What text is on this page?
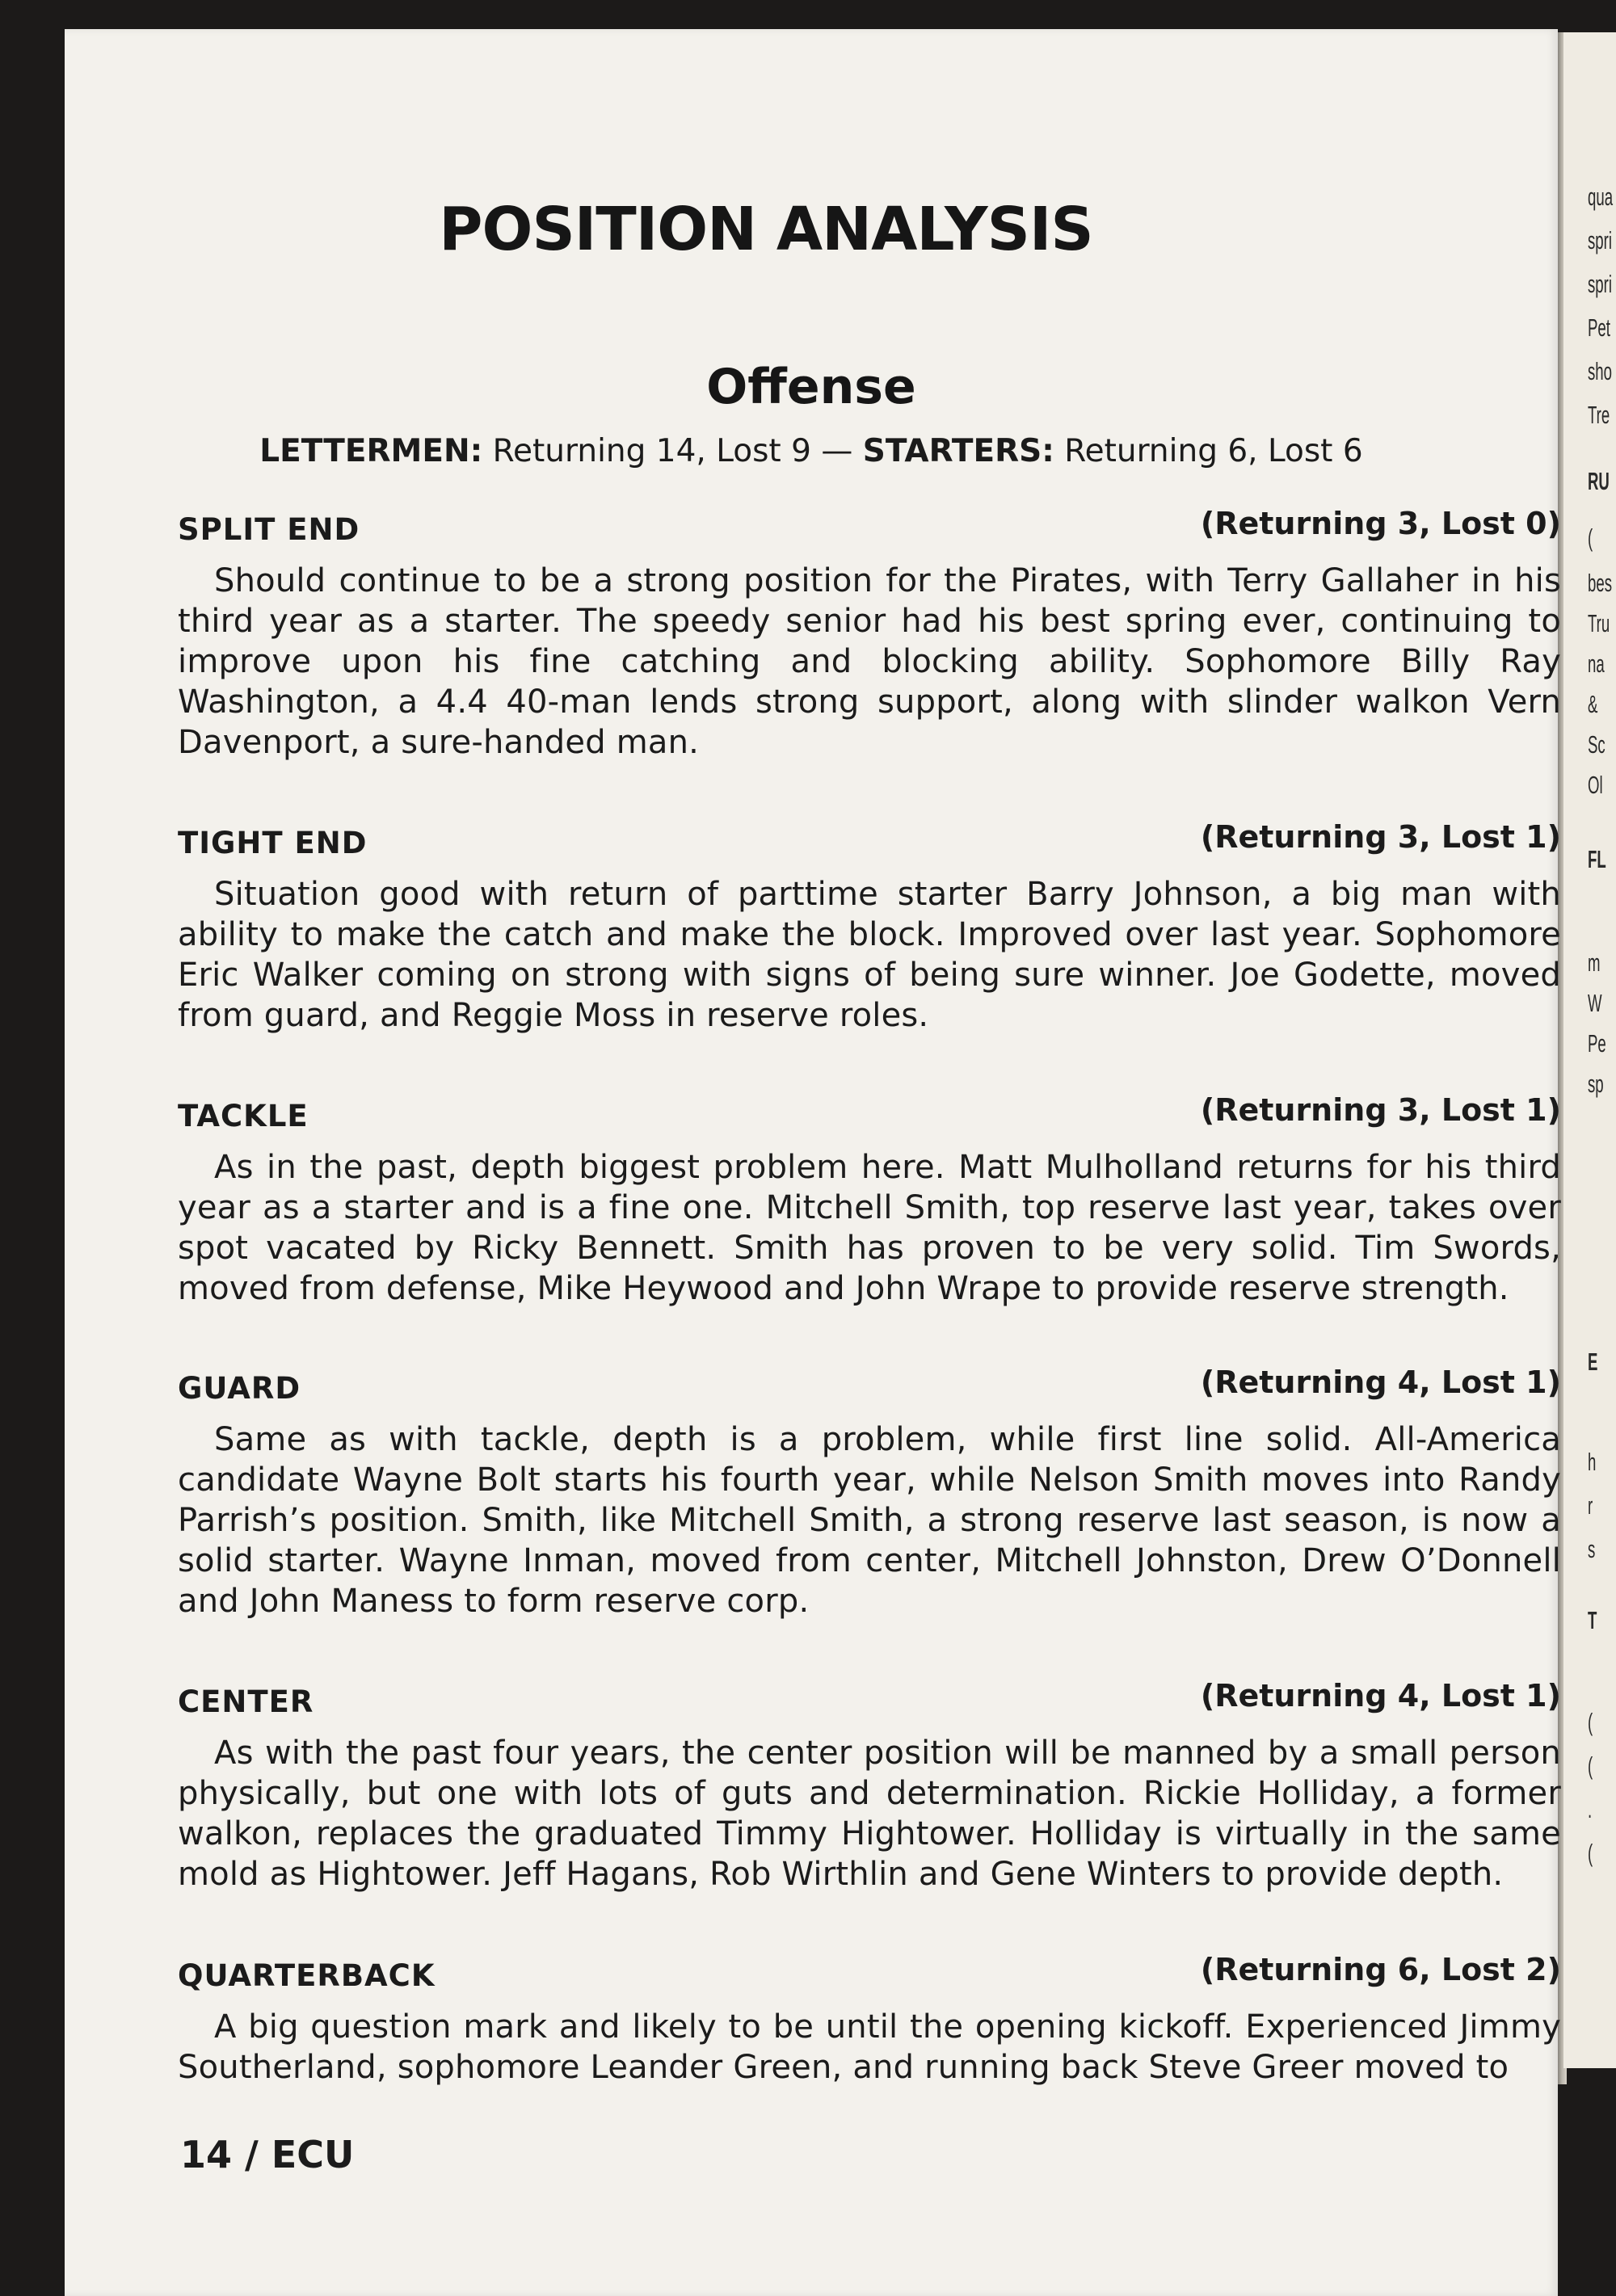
qua
spri
spri
Pet
sho
Tre
RU
(
bes
Tru
na
&
Sc
Ol
FL
m
W
Pe
sp
E
h
r
s
T
(
(
.
(
POSITION ANALYSIS
Offense
LETTERMEN: Returning 14, Lost 9 — STARTERS: Returning 6, Lost 6
SPLIT END	(Returning 3, Lost 0)
Should continue to be a strong position for the Pirates, with Terry Gallaher in his third year as a starter. The speedy senior had his best spring ever, continuing to improve upon his fine catching and blocking ability. Sophomore Billy Ray Washington, a 4.4 40-man lends strong support, along with slinder walkon Vern Davenport, a sure-handed man.
TIGHT END	(Returning 3, Lost 1)
Situation good with return of parttime starter Barry Johnson, a big man with ability to make the catch and make the block. Improved over last year. Sophomore Eric Walker coming on strong with signs of being sure winner. Joe Godette, moved from guard, and Reggie Moss in reserve roles.
TACKLE	(Returning 3, Lost 1)
As in the past, depth biggest problem here. Matt Mulholland returns for his third year as a starter and is a fine one. Mitchell Smith, top reserve last year, takes over spot vacated by Ricky Bennett. Smith has proven to be very solid. Tim Swords, moved from defense, Mike Heywood and John Wrape to provide reserve strength.
GUARD	(Returning 4, Lost 1)
Same as with tackle, depth is a problem, while first line solid. All-America candidate Wayne Bolt starts his fourth year, while Nelson Smith moves into Randy Parrish’s position. Smith, like Mitchell Smith, a strong reserve last season, is now a solid starter. Wayne Inman, moved from center, Mitchell Johnston, Drew O’Donnell and John Maness to form reserve corp.
CENTER	(Returning 4, Lost 1)
As with the past four years, the center position will be manned by a small person physically, but one with lots of guts and determination. Rickie Holliday, a former walkon, replaces the graduated Timmy Hightower. Holliday is virtually in the same mold as Hightower. Jeff Hagans, Rob Wirthlin and Gene Winters to provide depth.
QUARTERBACK	(Returning 6, Lost 2)
A big question mark and likely to be until the opening kickoff. Experienced Jimmy Southerland, sophomore Leander Green, and running back Steve Greer moved to
14 / ECU
